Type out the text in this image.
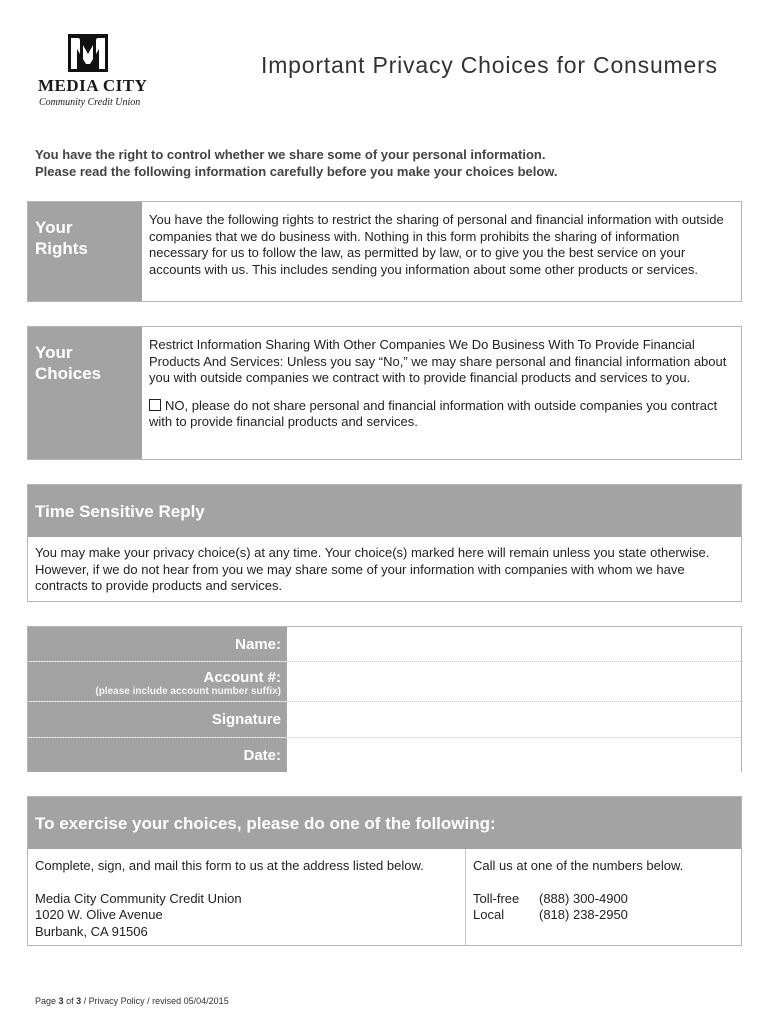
MEDIA CITY
Community Credit Union
Important Privacy Choices for Consumers
You have the right to control whether we share some of your personal information.
Please read the following information carefully before you make your choices below.
Your
Rights
You have the following rights to restrict the sharing of personal and financial information with outside companies that we do business with. Nothing in this form prohibits the sharing of information necessary for us to follow the law, as permitted by law, or to give you the best service on your accounts with us. This includes sending you information about some other products or services.
Your
Choices
Restrict Information Sharing With Other Companies We Do Business With To Provide Financial Products And Services: Unless you say “No,” we may share personal and financial information about you with outside companies we contract with to provide financial products and services to you.
NO, please do not share personal and financial information with outside companies you contract with to provide financial products and services.
Time Sensitive Reply
You may make your privacy choice(s) at any time. Your choice(s) marked here will remain unless you state otherwise. However, if we do not hear from you we may share some of your information with companies with whom we have contracts to provide products and services.
Name:
Account #:
(please include account number suffix)
Signature
Date:
To exercise your choices, please do one of the following:

Complete, sign, and mail this form to us at the address listed below.

Media City Community Credit Union
1020 W. Olive Avenue
Burbank, CA 91506

Call us at one of the numbers below.

Toll-free	(888) 300-4900
Local	(818) 238-2950
Page 3 of 3 / Privacy Policy / revised 05/04/2015
